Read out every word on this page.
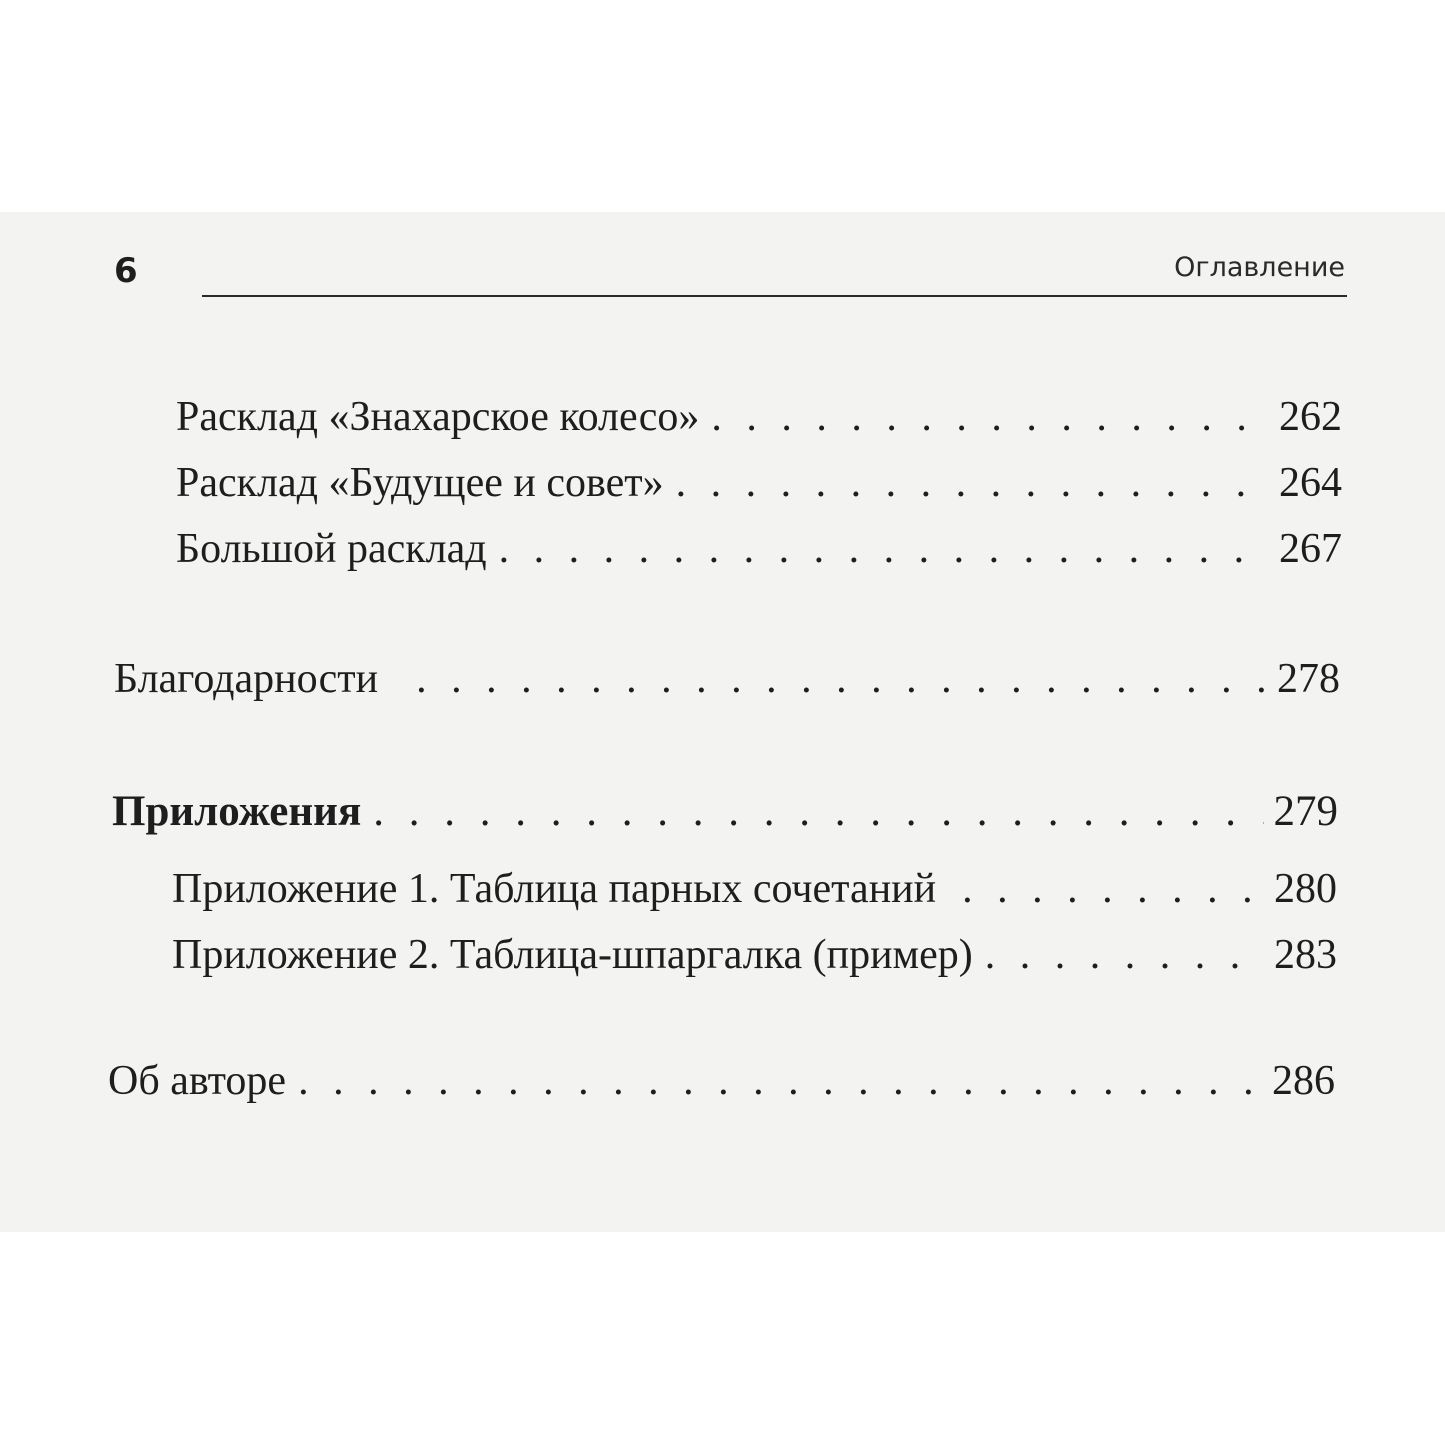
6	Оглавление
Расклад «Знахарское колесо» . . .	262
Расклад «Будущее и совет» . . .	264
Большой расклад . . .	267
Благодарности . . .	278
Приложения . . .	279
Приложение 1. Таблица парных сочетаний . . .	280
Приложение 2. Таблица-шпаргалка (пример) . . .	283
Об авторе . . .	286
